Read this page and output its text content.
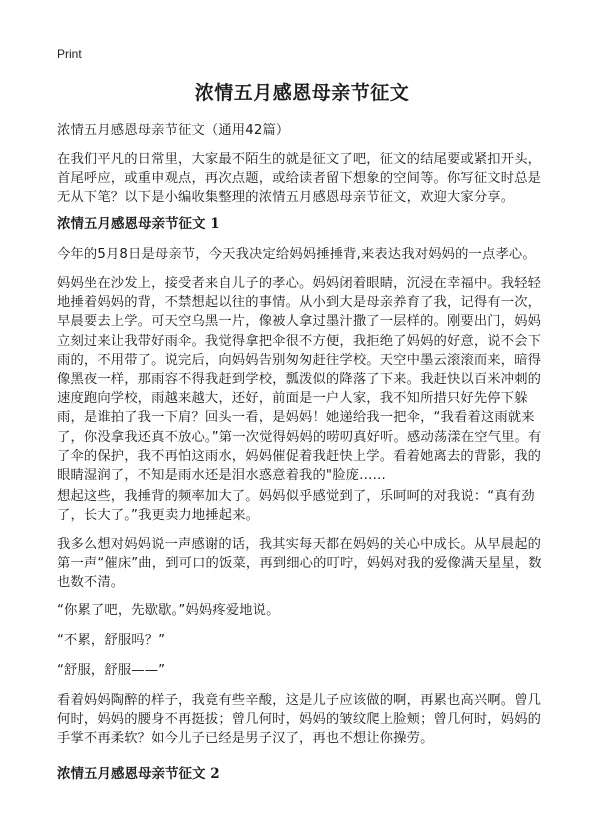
Print
浓情五月感恩母亲节征文

浓情五月感恩母亲节征文（通用42篇）

在我们平凡的日常里，大家最不陌生的就是征文了吧，征文的结尾要或紧扣开头，首尾呼应，或重申观点，再次点题，或给读者留下想象的空间等。你写征文时总是无从下笔？以下是小编收集整理的浓情五月感恩母亲节征文，欢迎大家分享。

浓情五月感恩母亲节征文 1

今年的5月8日是母亲节，今天我决定给妈妈捶捶背,来表达我对妈妈的一点孝心。

妈妈坐在沙发上，接受者来自儿子的孝心。妈妈闭着眼睛，沉浸在幸福中。我轻轻地捶着妈妈的背，不禁想起以往的事情。从小到大是母亲养育了我，记得有一次，早晨要去上学。可天空乌黑一片，像被人拿过墨汁撒了一层样的。刚要出门，妈妈立刻过来让我带好雨伞。我觉得拿把伞很不方便，我拒绝了妈妈的好意，说不会下雨的，不用带了。说完后，向妈妈告别匆匆赶往学校。天空中墨云滚滚而来，暗得像黑夜一样，那雨容不得我赶到学校，瓢泼似的降落了下来。我赶快以百米冲刺的速度跑向学校，雨越来越大，还好，前面是一户人家，我不知所措只好先停下躲雨，是谁拍了我一下肩？回头一看，是妈妈！她递给我一把伞，“我看着这雨就来了，你没拿我还真不放心。”第一次觉得妈妈的唠叨真好听。感动荡漾在空气里。有了伞的保护，我不再怕这雨水，妈妈催促着我赶快上学。看着她离去的背影，我的眼睛湿润了，不知是雨水还是泪水惑意着我的"脸庞……

想起这些，我捶背的频率加大了。妈妈似乎感觉到了，乐呵呵的对我说：“真有劲了，长大了。”我更卖力地捶起来。

我多么想对妈妈说一声感谢的话，我其实每天都在妈妈的关心中成长。从早晨起的第一声“催床”曲，到可口的饭菜，再到细心的叮咛，妈妈对我的爱像满天星星，数也数不清。

“你累了吧，先歇歇。”妈妈疼爱地说。

“不累，舒服吗？”

“舒服，舒服——”

看着妈妈陶醉的样子，我竟有些辛酸，这是儿子应该做的啊，再累也高兴啊。曾几何时，妈妈的腰身不再挺拔；曾几何时，妈妈的皱纹爬上脸颊；曾几何时，妈妈的手掌不再柔软？如今儿子已经是男子汉了，再也不想让你操劳。

浓情五月感恩母亲节征文 2
